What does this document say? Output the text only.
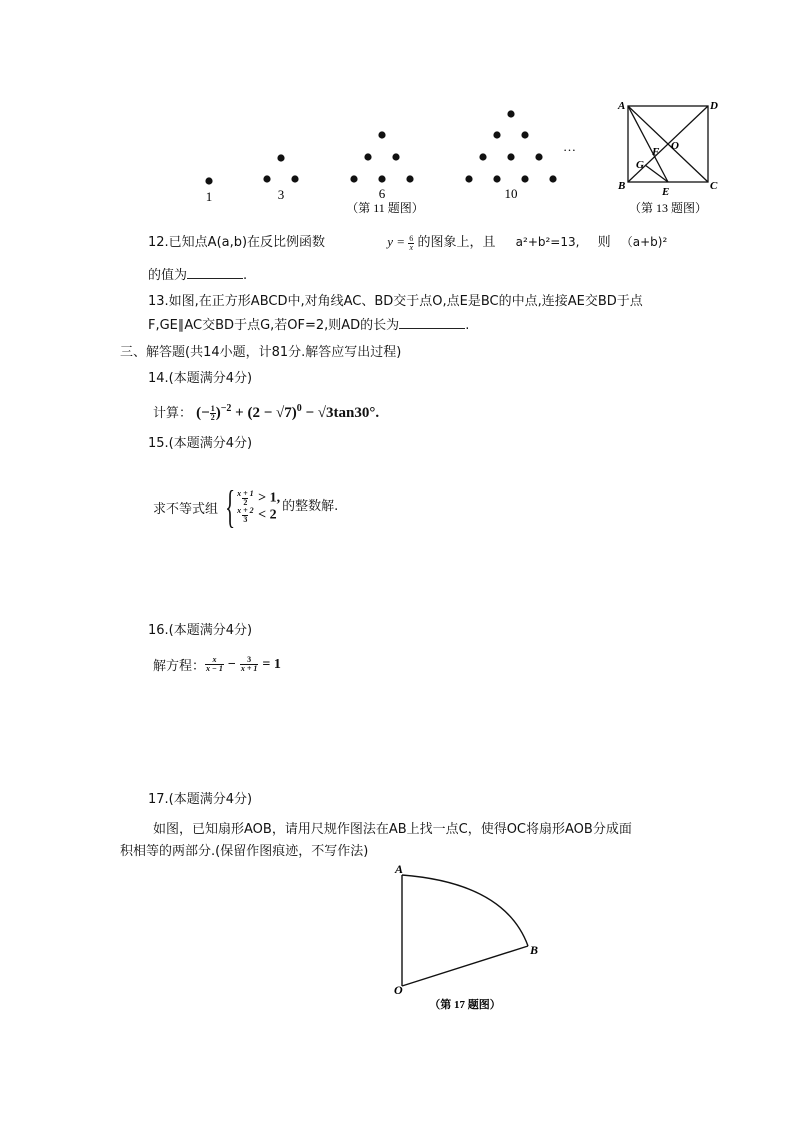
1	3	6	10
…
（第 11 题图）
A	D
B	C
O
F
G
E
（第 13 题图）
12.已知点A(a,b)在反比例函数	$y = \frac{6}{x}$ 的图象上，且 a²+b²=13, 则 （a+b)²
的值为	.
13.如图,在正方形ABCD中,对角线AC、BD交于点O,点E是BC的中点,连接AE交BD于点
F,GE∥AC交BD于点G,若OF=2,则AD的长为	.
三、解答题(共14小题，计81分.解答应写出过程)
14.(本题满分4分)
计算： (− $\frac{1}{2} )^{-2} + (2 - √7)^0 - √3\tan 30^\circ$.
15.(本题满分4分)
求不等式组 { $\frac{x + 1}{2} > 1$,
$\frac{x + 2}{3} < 2$
的整数解.
16.(本题满分4分)
解方程： $\frac{x}{x - 1} - \frac{3}{x + 1} = 1$
17.(本题满分4分)
如图，已知扇形AOB，请用尺规作图法在AB上找一点C，使得OC将扇形AOB分成面
积相等的两部分.(保留作图痕迹，不写作法)
A
B
O
（第 17 题图）
